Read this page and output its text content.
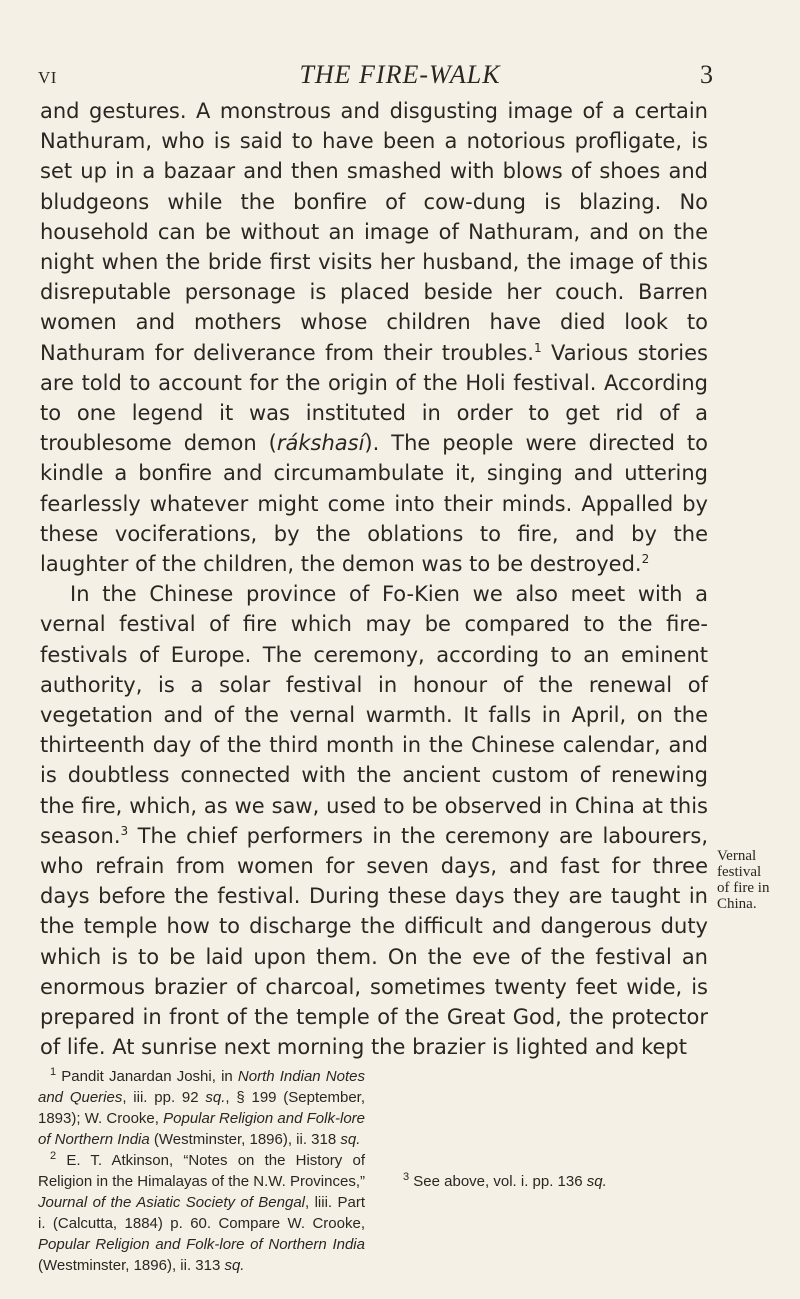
VI	THE FIRE-WALK	3

and gestures. A monstrous and disgusting image of a certain Nathuram, who is said to have been a notorious profligate, is set up in a bazaar and then smashed with blows of shoes and bludgeons while the bonfire of cow-dung is blazing. No household can be without an image of Nathuram, and on the night when the bride first visits her husband, the image of this disreputable personage is placed beside her couch. Barren women and mothers whose children have died look to Nathuram for deliverance from their troubles.$^1$ Various stories are told to account for the origin of the Holi festival. According to one legend it was instituted in order to get rid of a troublesome demon (rákshasí). The people were directed to kindle a bonfire and circumambulate it, singing and uttering fearlessly whatever might come into their minds. Appalled by these vociferations, by the oblations to fire, and by the laughter of the children, the demon was to be destroyed.$^2$

In the Chinese province of Fo-Kien we also meet with a vernal festival of fire which may be compared to the fire-festivals of Europe. The ceremony, according to an eminent authority, is a solar festival in honour of the renewal of vegetation and of the vernal warmth. It falls in April, on the thirteenth day of the third month in the Chinese calendar, and is doubtless connected with the ancient custom of renewing the fire, which, as we saw, used to be observed in China at this season.$^3$ The chief performers in the ceremony are labourers, who refrain from women for seven days, and fast for three days before the festival. During these days they are taught in the temple how to discharge the difficult and dangerous duty which is to be laid upon them. On the eve of the festival an enormous brazier of charcoal, sometimes twenty feet wide, is prepared in front of the temple of the Great God, the protector of life. At sunrise next morning the brazier is lighted and kept

Vernal
festival
of fire in
China.

$^1$ Pandit Janardan Joshi, in North Indian Notes and Queries, iii. pp. 92 sq., § 199 (September, 1893); W. Crooke, Popular Religion and Folk-lore of Northern India (Westminster, 1896), ii. 318 sq.

$^2$ E. T. Atkinson, “Notes on the History of Religion in the Himalayas of the N.W. Provinces,” Journal of the Asiatic Society of Bengal, liii. Part i. (Calcutta, 1884) p. 60. Compare W. Crooke, Popular Religion and Folk-lore of Northern India (Westminster, 1896), ii. 313 sq.

$^3$ See above, vol. i. pp. 136 sq.
